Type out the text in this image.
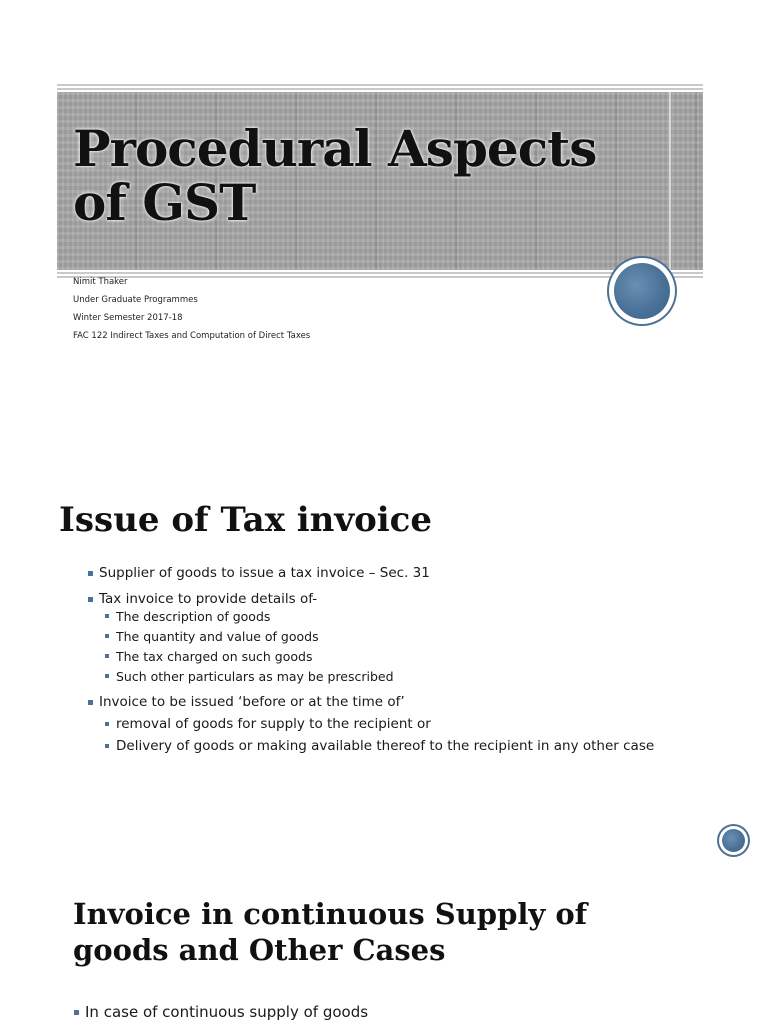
Procedural Aspects
of GST
Nimit Thaker
Under Graduate Programmes
Winter Semester 2017-18
FAC 122 Indirect Taxes and Computation of Direct Taxes
Issue of Tax invoice
Supplier of goods to issue a tax invoice – Sec. 31
Tax invoice to provide details of-
The description of goods
The quantity and value of goods
The tax charged on such goods
Such other particulars as may be prescribed
Invoice to be issued ‘before or at the time of’
removal of goods for supply to the recipient or
Delivery of goods or making available thereof to the recipient in any other case
Invoice in continuous Supply of
goods and Other Cases
In case of continuous supply of goods
